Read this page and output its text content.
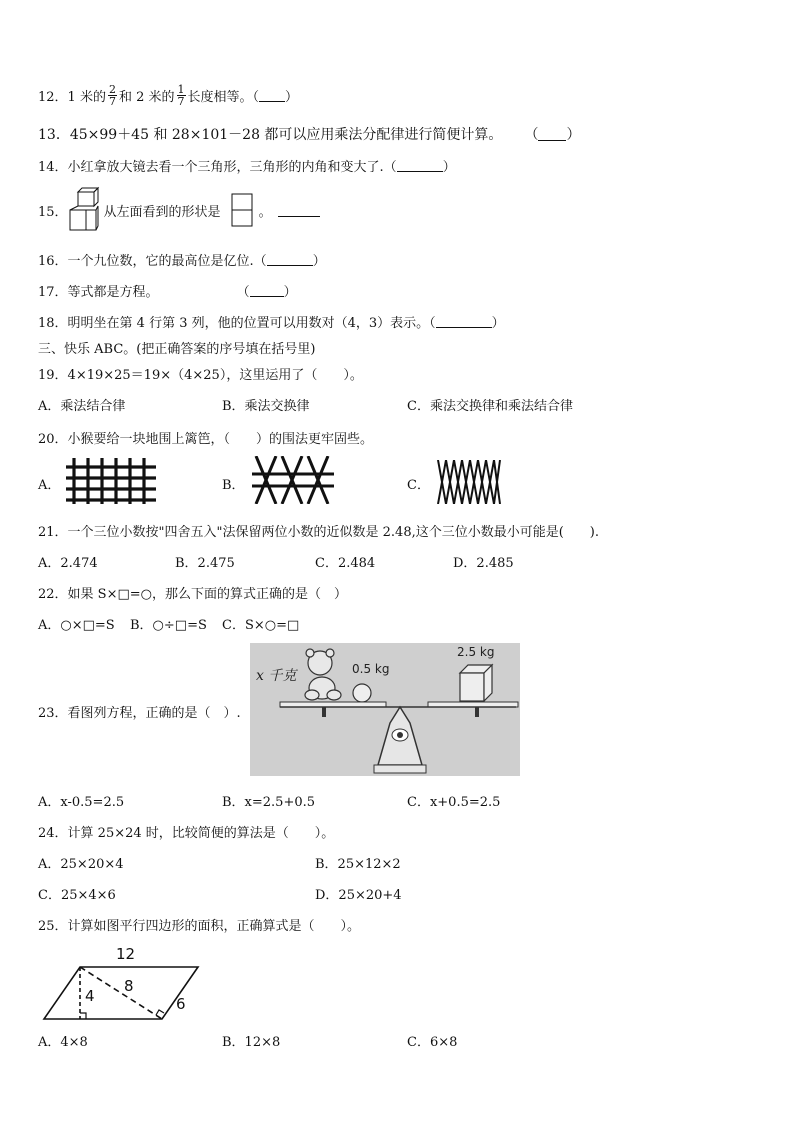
12． 1 米的 $\frac{2}{7}$ 和 2 米的 $\frac{1}{7}$ 长度相等。（ ）
13． 45×99＋45 和 28×101－28 都可以应用乘法分配律进行简便计算。 （ ）
14． 小红拿放大镜去看一个三角形，三角形的内角和变大了.（	）
15．	从左面看到的形状是	。
16． 一个九位数，它的最高位是亿位.（	）
17． 等式都是方程。	（	）
18． 明明坐在第 4 行第 3 列，他的位置可以用数对（4，3）表示。（	）
三、快乐 ABC。(把正确答案的序号填在括号里)
19． 4×19×25＝19×（4×25），这里运用了（　　）。
A．乘法结合律	B．乘法交换律	C．乘法交换律和乘法结合律
20． 小猴要给一块地围上篱笆，（　　）的围法更牢固些。
A．	B．	C．
21． 一个三位小数按"四舍五入"法保留两位小数的近似数是 2.48,这个三位小数最小可能是(　　).
A．2.474	B．2.475	C．2.484	D．2.485
22． 如果 S×□=○，那么下面的算式正确的是（　）
A．○×□=S B．○÷□=S C．S×○=□
23． 看图列方程，正确的是（　）.
x 千克	0.5 kg
2.5 kg
A．x-0.5=2.5	B．x=2.5+0.5	C．x+0.5=2.5
24． 计算 25×24 时，比较简便的算法是（　　）。
A．25×20×4	B．25×12×2
C．25×4×6	D．25×20+4
25． 计算如图平行四边形的面积，正确算式是（　　）。
12
4
8
6
A．4×8	B．12×8	C．6×8
